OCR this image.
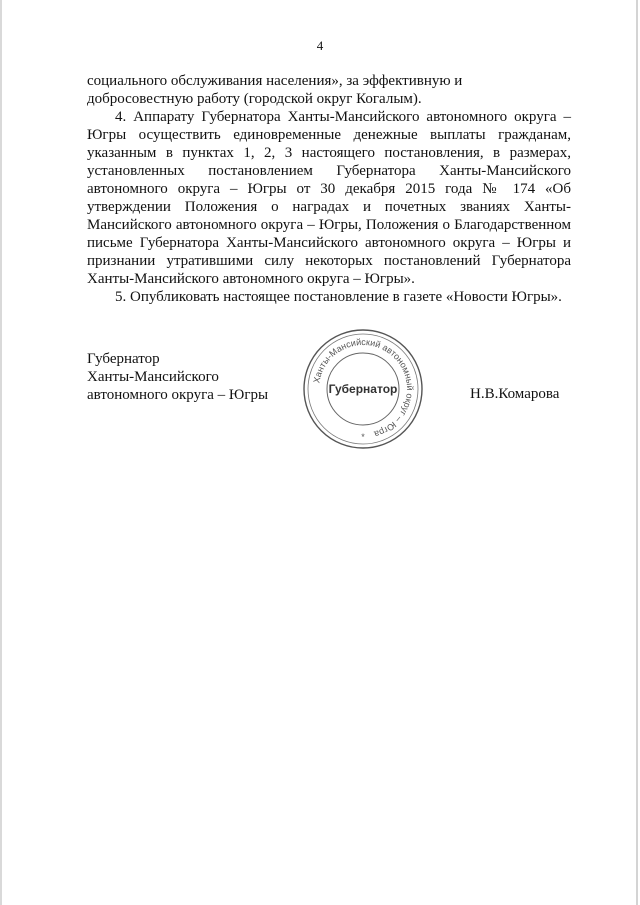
4

социального обслуживания населения», за эффективную и добросовестную работу (городской округ Когалым).

4. Аппарату Губернатора Ханты-Мансийского автономного округа – Югры осуществить единовременные денежные выплаты гражданам, указанным в пунктах 1, 2, 3 настоящего постановления, в размерах, установленных постановлением Губернатора Ханты-Мансийского автономного округа – Югры от 30 декабря 2015 года № 174 «Об утверждении Положения о наградах и почетных званиях Ханты-Мансийского автономного округа – Югры, Положения о Благодарственном письме Губернатора Ханты-Мансийского автономного округа – Югры и признании утратившими силу некоторых постановлений Губернатора Ханты-Мансийского автономного округа – Югры».

5. Опубликовать настоящее постановление в газете «Новости Югры».

Губернатор
Ханты-Мансийского
автономного округа – Югры
Ханты-Мансийский автономный округ – Югра
Губернатор
*
Н.В.Комарова
